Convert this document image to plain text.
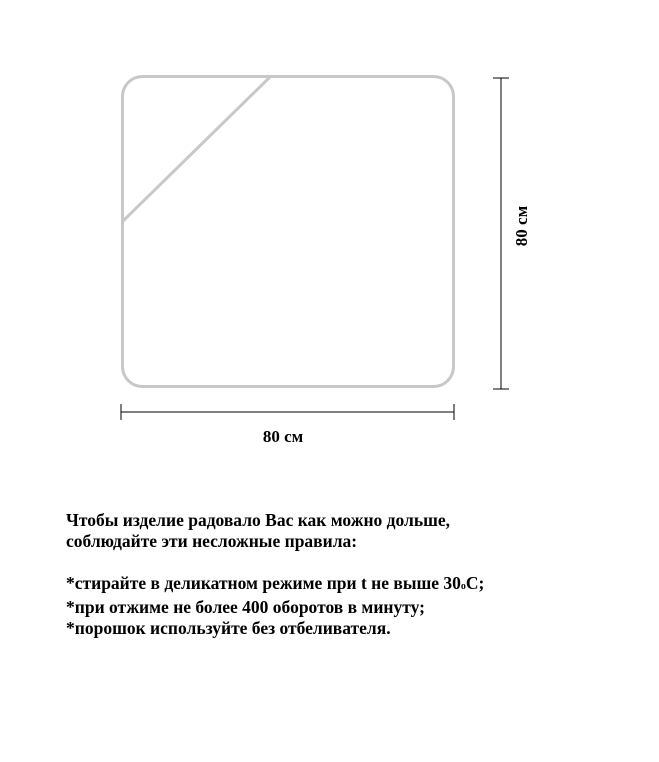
80 см
80 см
Чтобы изделие радовало Вас как можно дольше,
соблюдайте эти несложные правила:
*стирайте в деликатном режиме при t не выше 30оС;
*при отжиме не более 400 оборотов в минуту;
*порошок используйте без отбеливателя.
